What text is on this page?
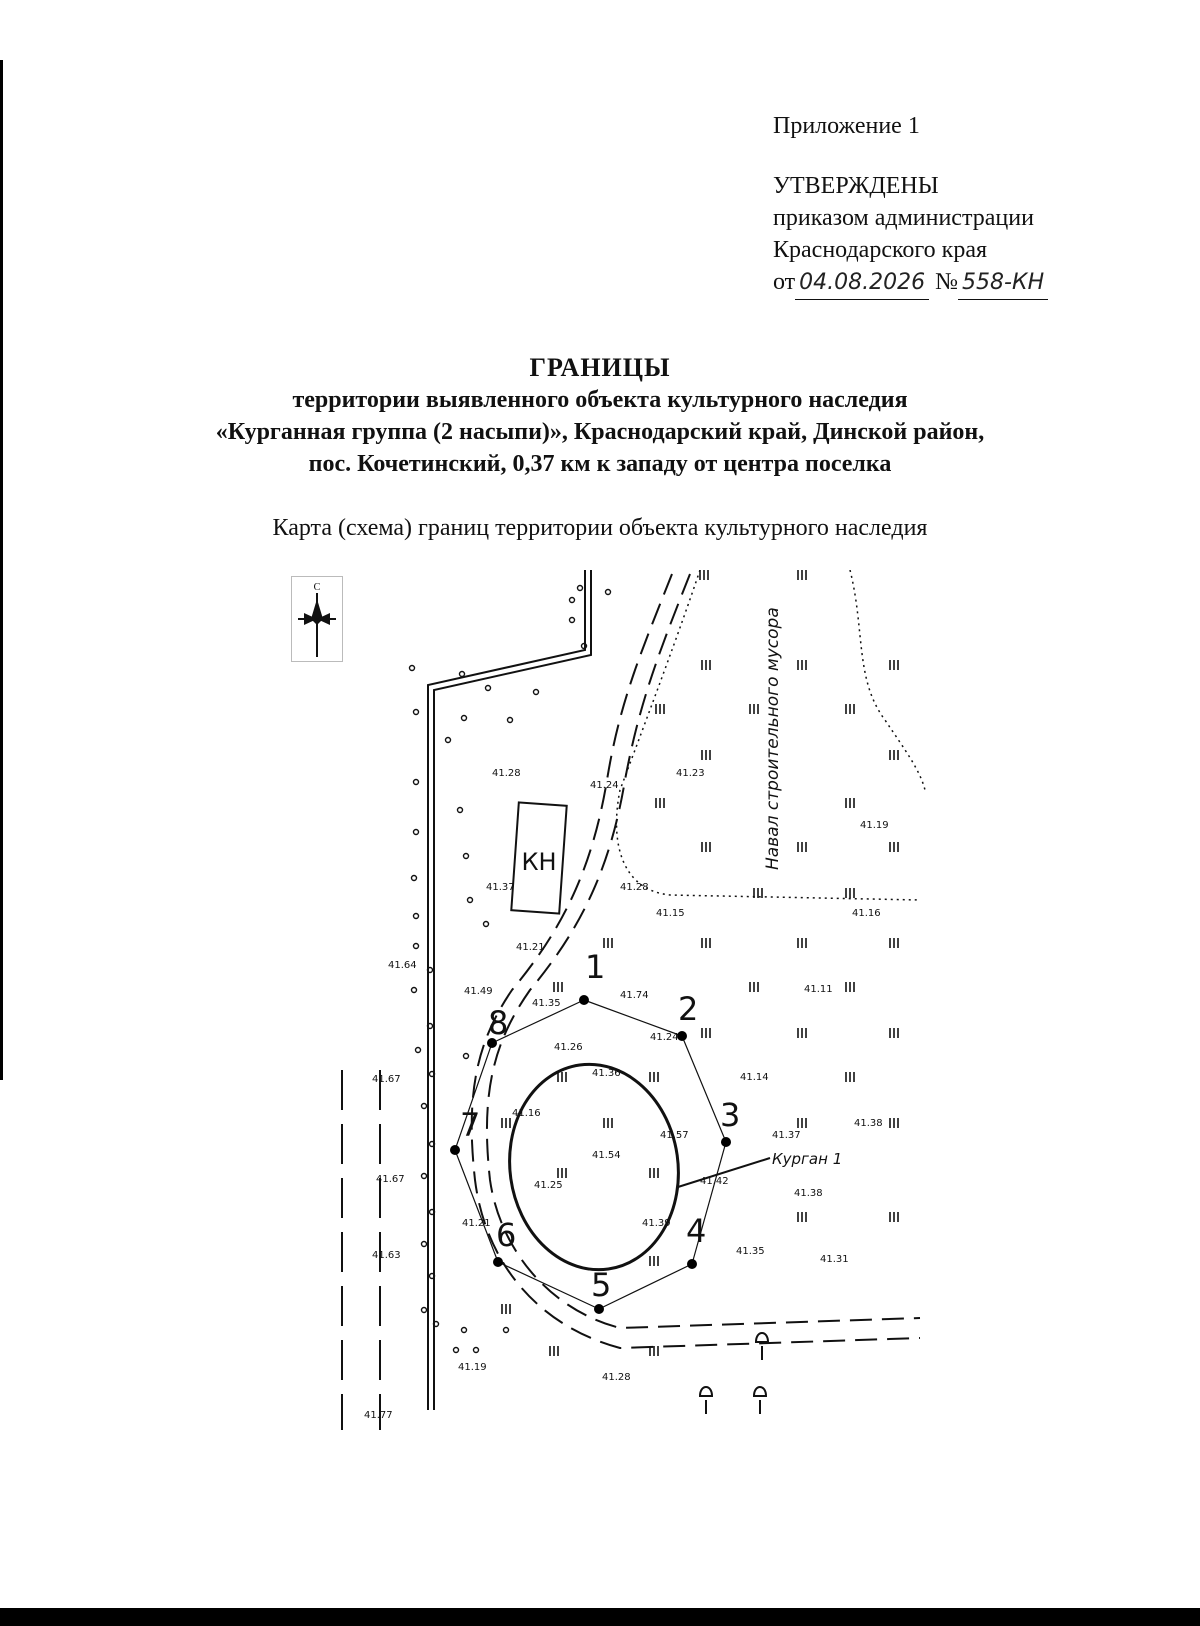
Приложение 1
УТВЕРЖДЕНЫ
приказом администрации
Краснодарского края
от 04.08.2026 № 558-КН
ГРАНИЦЫ
территории выявленного объекта культурного наследия
«Курганная группа (2 насыпи)», Краснодарский край, Динской район,
пос. Кочетинский, 0,37 км к западу от центра поселка
Карта (схема) границ территории объекта культурного наследия
С
КН	Навал строительного мусора
Курган 1
1
2
3
4
5
6
7
8
41.28
41.24
41.23
41.19
41.37	41.28
41.15	41.16
41.21
41.64
41.49
41.35
41.74
41.11
41.26
41.24
41.36	41.14
41.67
41.16
41.57	41.37
41.38
41.54
41.42
41.67
41.25
41.38
41.21	41.39
41.35
41.31
41.63
41.19
41.28
41.77
